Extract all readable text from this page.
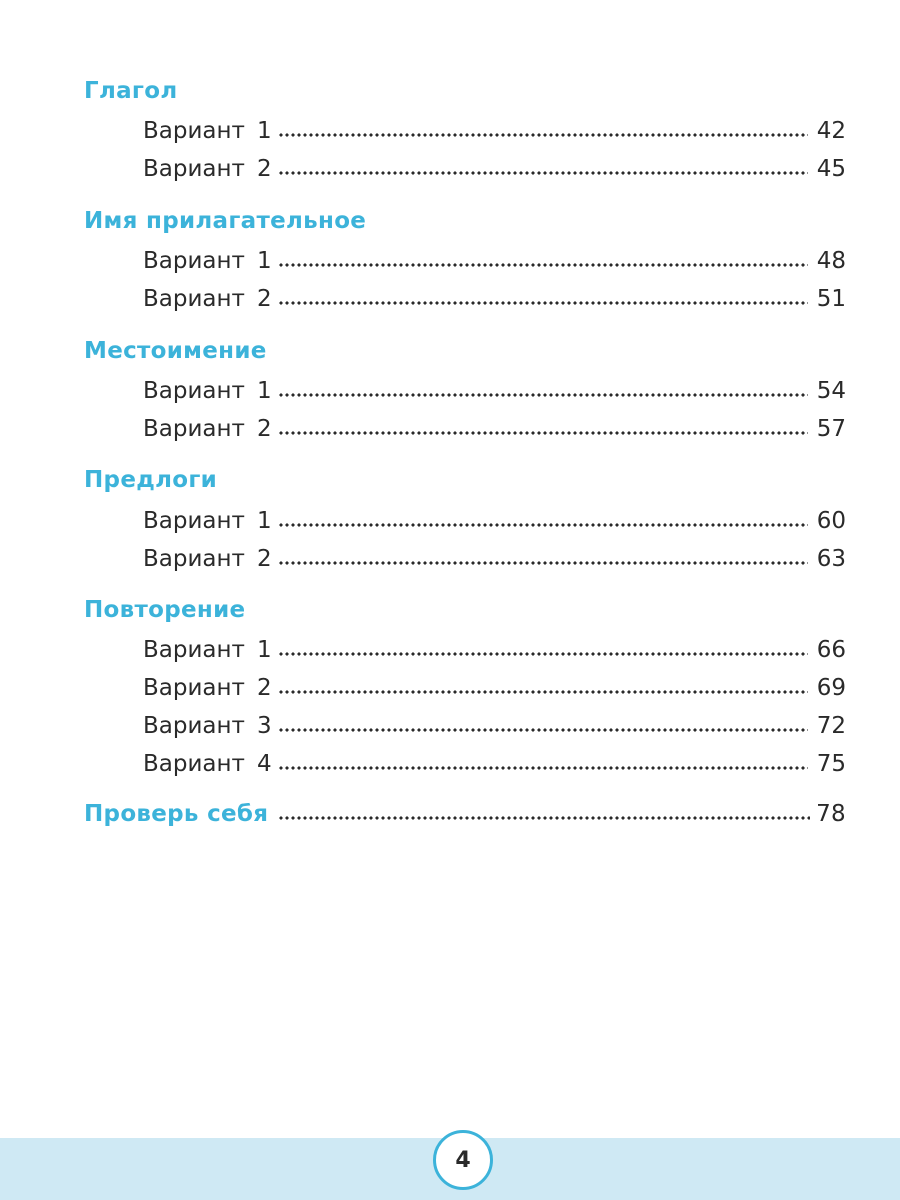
Глагол
Вариант 1	42
Вариант 2	45
Имя прилагательное
Вариант 1	48
Вариант 2	51
Местоимение
Вариант 1	54
Вариант 2	57
Предлоги
Вариант 1	60
Вариант 2	63
Повторение
Вариант 1	66
Вариант 2	69
Вариант 3	72
Вариант 4	75
Проверь себя	78
4
